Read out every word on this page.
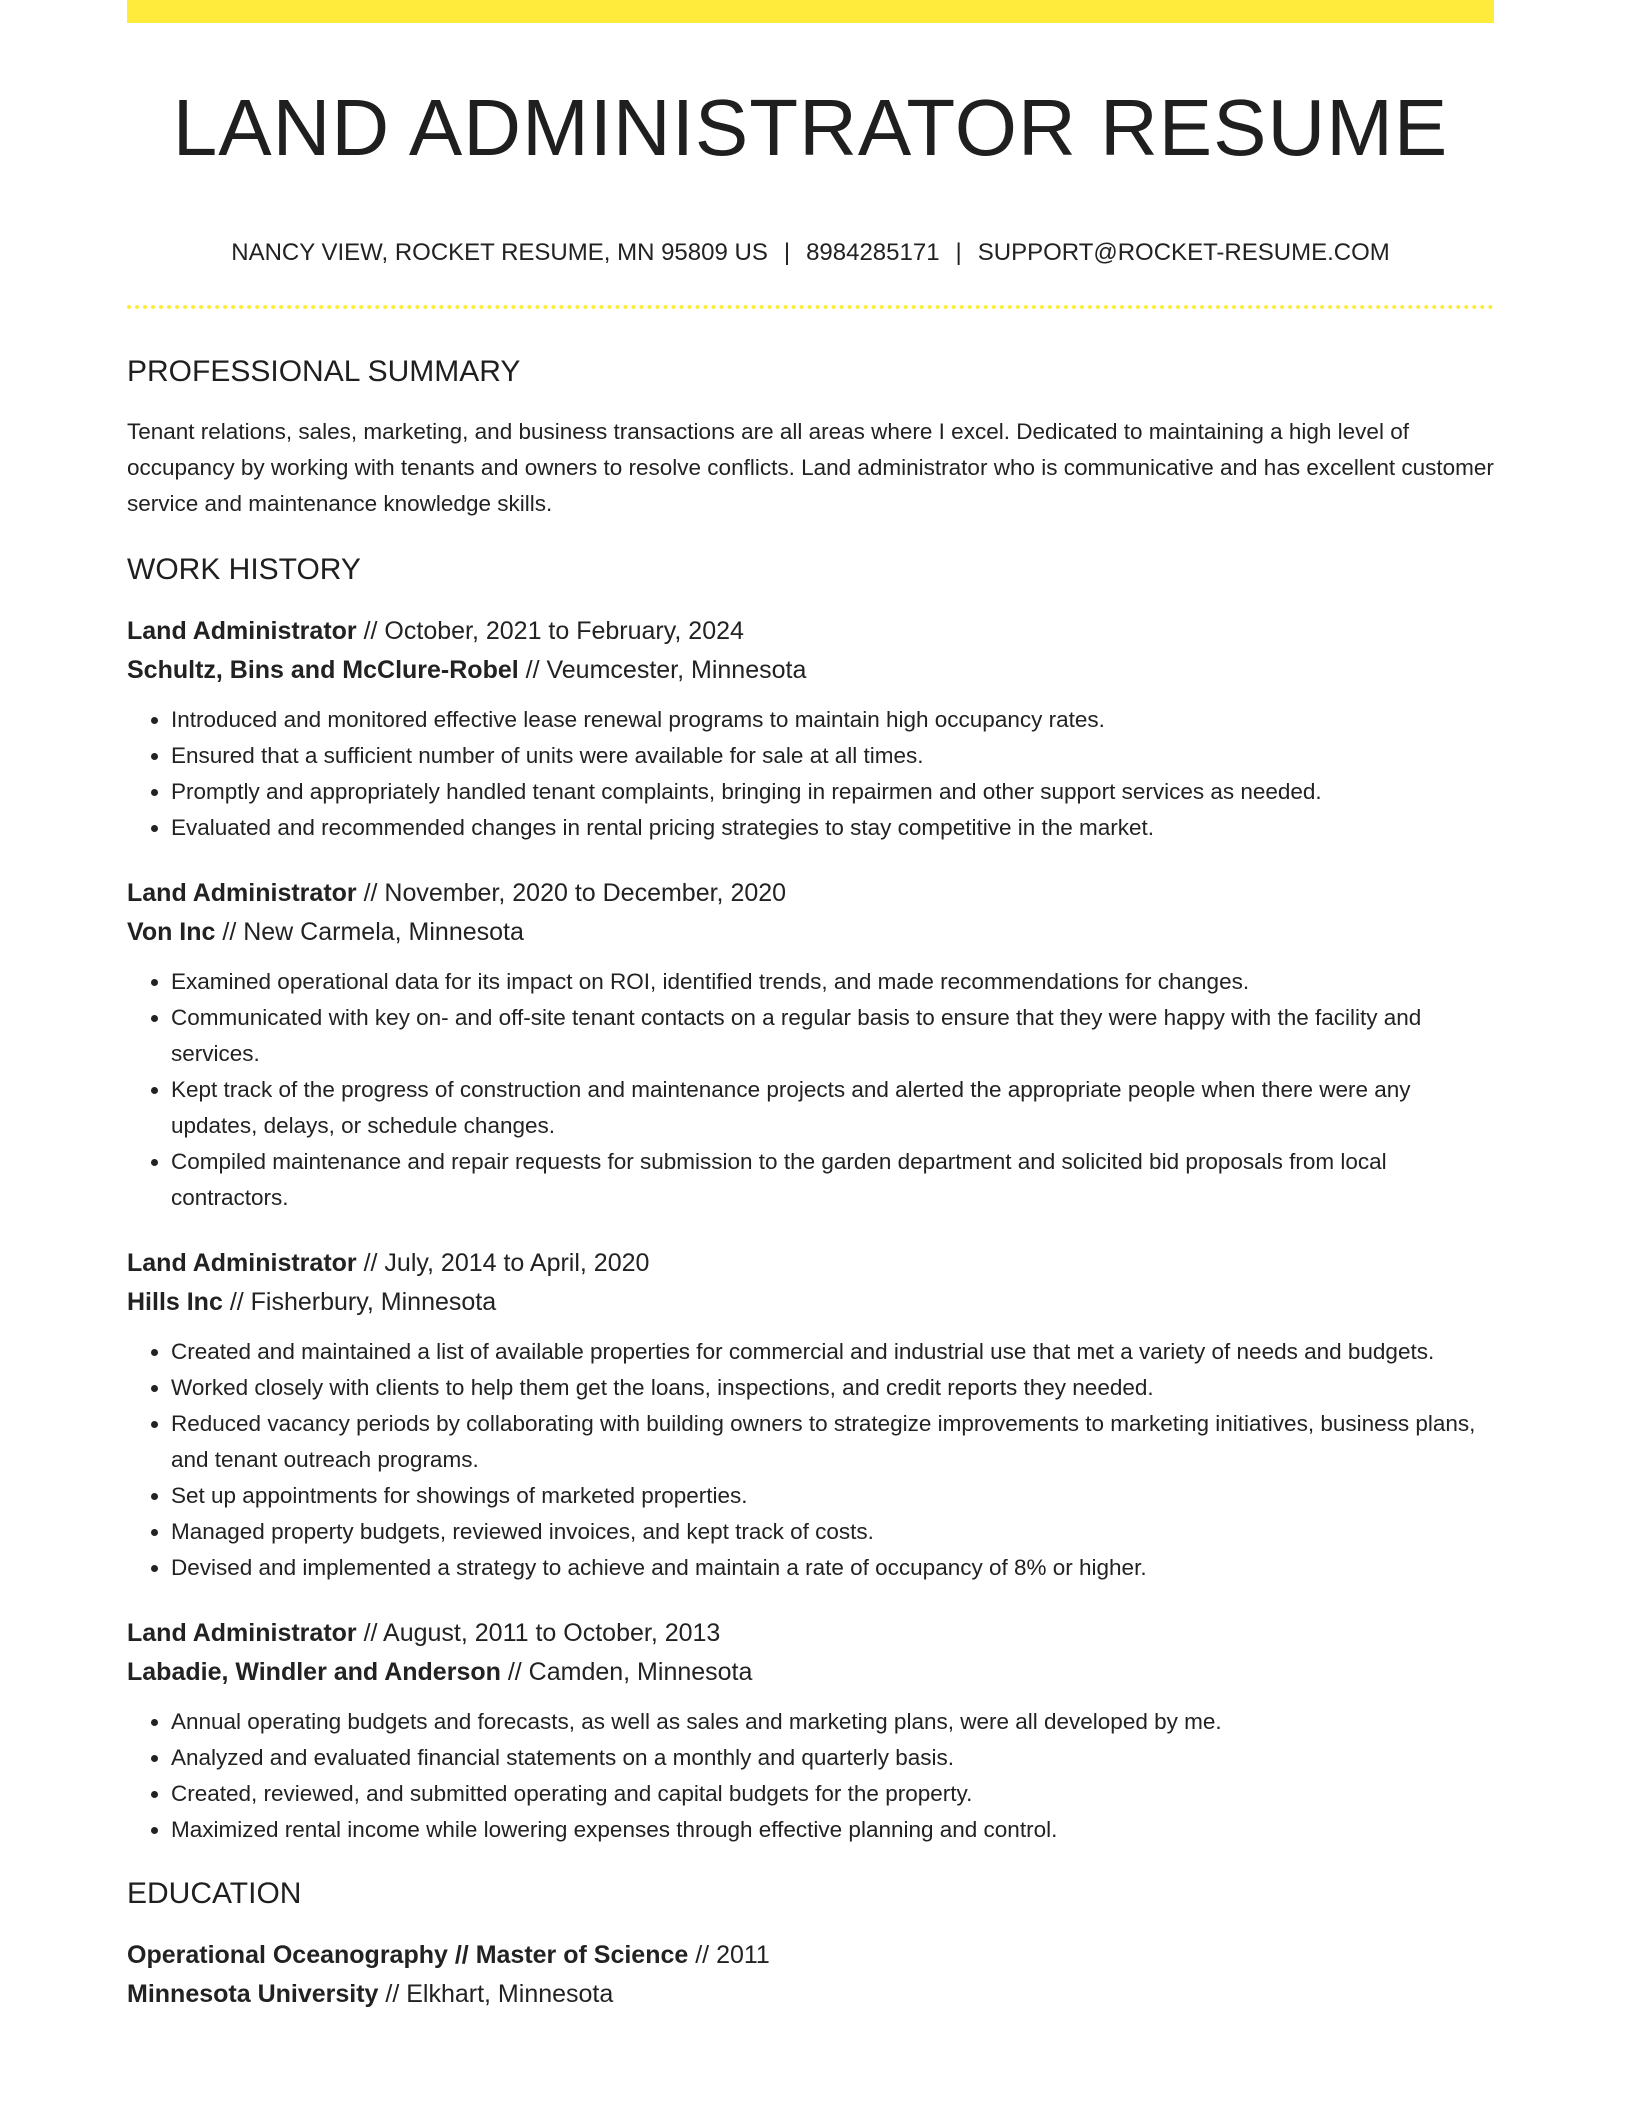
LAND ADMINISTRATOR RESUME
NANCY VIEW, ROCKET RESUME, MN 95809 US | 8984285171 | SUPPORT@ROCKET-RESUME.COM
PROFESSIONAL SUMMARY

Tenant relations, sales, marketing, and business transactions are all areas where I excel. Dedicated to maintaining a high level of occupancy by working with tenants and owners to resolve conflicts. Land administrator who is communicative and has excellent customer service and maintenance knowledge skills.

WORK HISTORY
Land Administrator // October, 2021 to February, 2024
Schultz, Bins and McClure-Robel // Veumcester, Minnesota
• Introduced and monitored effective lease renewal programs to maintain high occupancy rates.
• Ensured that a sufficient number of units were available for sale at all times.
• Promptly and appropriately handled tenant complaints, bringing in repairmen and other support services as needed.
• Evaluated and recommended changes in rental pricing strategies to stay competitive in the market.
Land Administrator // November, 2020 to December, 2020
Von Inc // New Carmela, Minnesota
• Examined operational data for its impact on ROI, identified trends, and made recommendations for changes.
• Communicated with key on- and off-site tenant contacts on a regular basis to ensure that they were happy with the facility and services.
• Kept track of the progress of construction and maintenance projects and alerted the appropriate people when there were any updates, delays, or schedule changes.
• Compiled maintenance and repair requests for submission to the garden department and solicited bid proposals from local contractors.
Land Administrator // July, 2014 to April, 2020
Hills Inc // Fisherbury, Minnesota
• Created and maintained a list of available properties for commercial and industrial use that met a variety of needs and budgets.
• Worked closely with clients to help them get the loans, inspections, and credit reports they needed.
• Reduced vacancy periods by collaborating with building owners to strategize improvements to marketing initiatives, business plans, and tenant outreach programs.
• Set up appointments for showings of marketed properties.
• Managed property budgets, reviewed invoices, and kept track of costs.
• Devised and implemented a strategy to achieve and maintain a rate of occupancy of 8% or higher.
Land Administrator // August, 2011 to October, 2013
Labadie, Windler and Anderson // Camden, Minnesota
• Annual operating budgets and forecasts, as well as sales and marketing plans, were all developed by me.
• Analyzed and evaluated financial statements on a monthly and quarterly basis.
• Created, reviewed, and submitted operating and capital budgets for the property.
• Maximized rental income while lowering expenses through effective planning and control.
EDUCATION
Operational Oceanography // Master of Science // 2011
Minnesota University // Elkhart, Minnesota
